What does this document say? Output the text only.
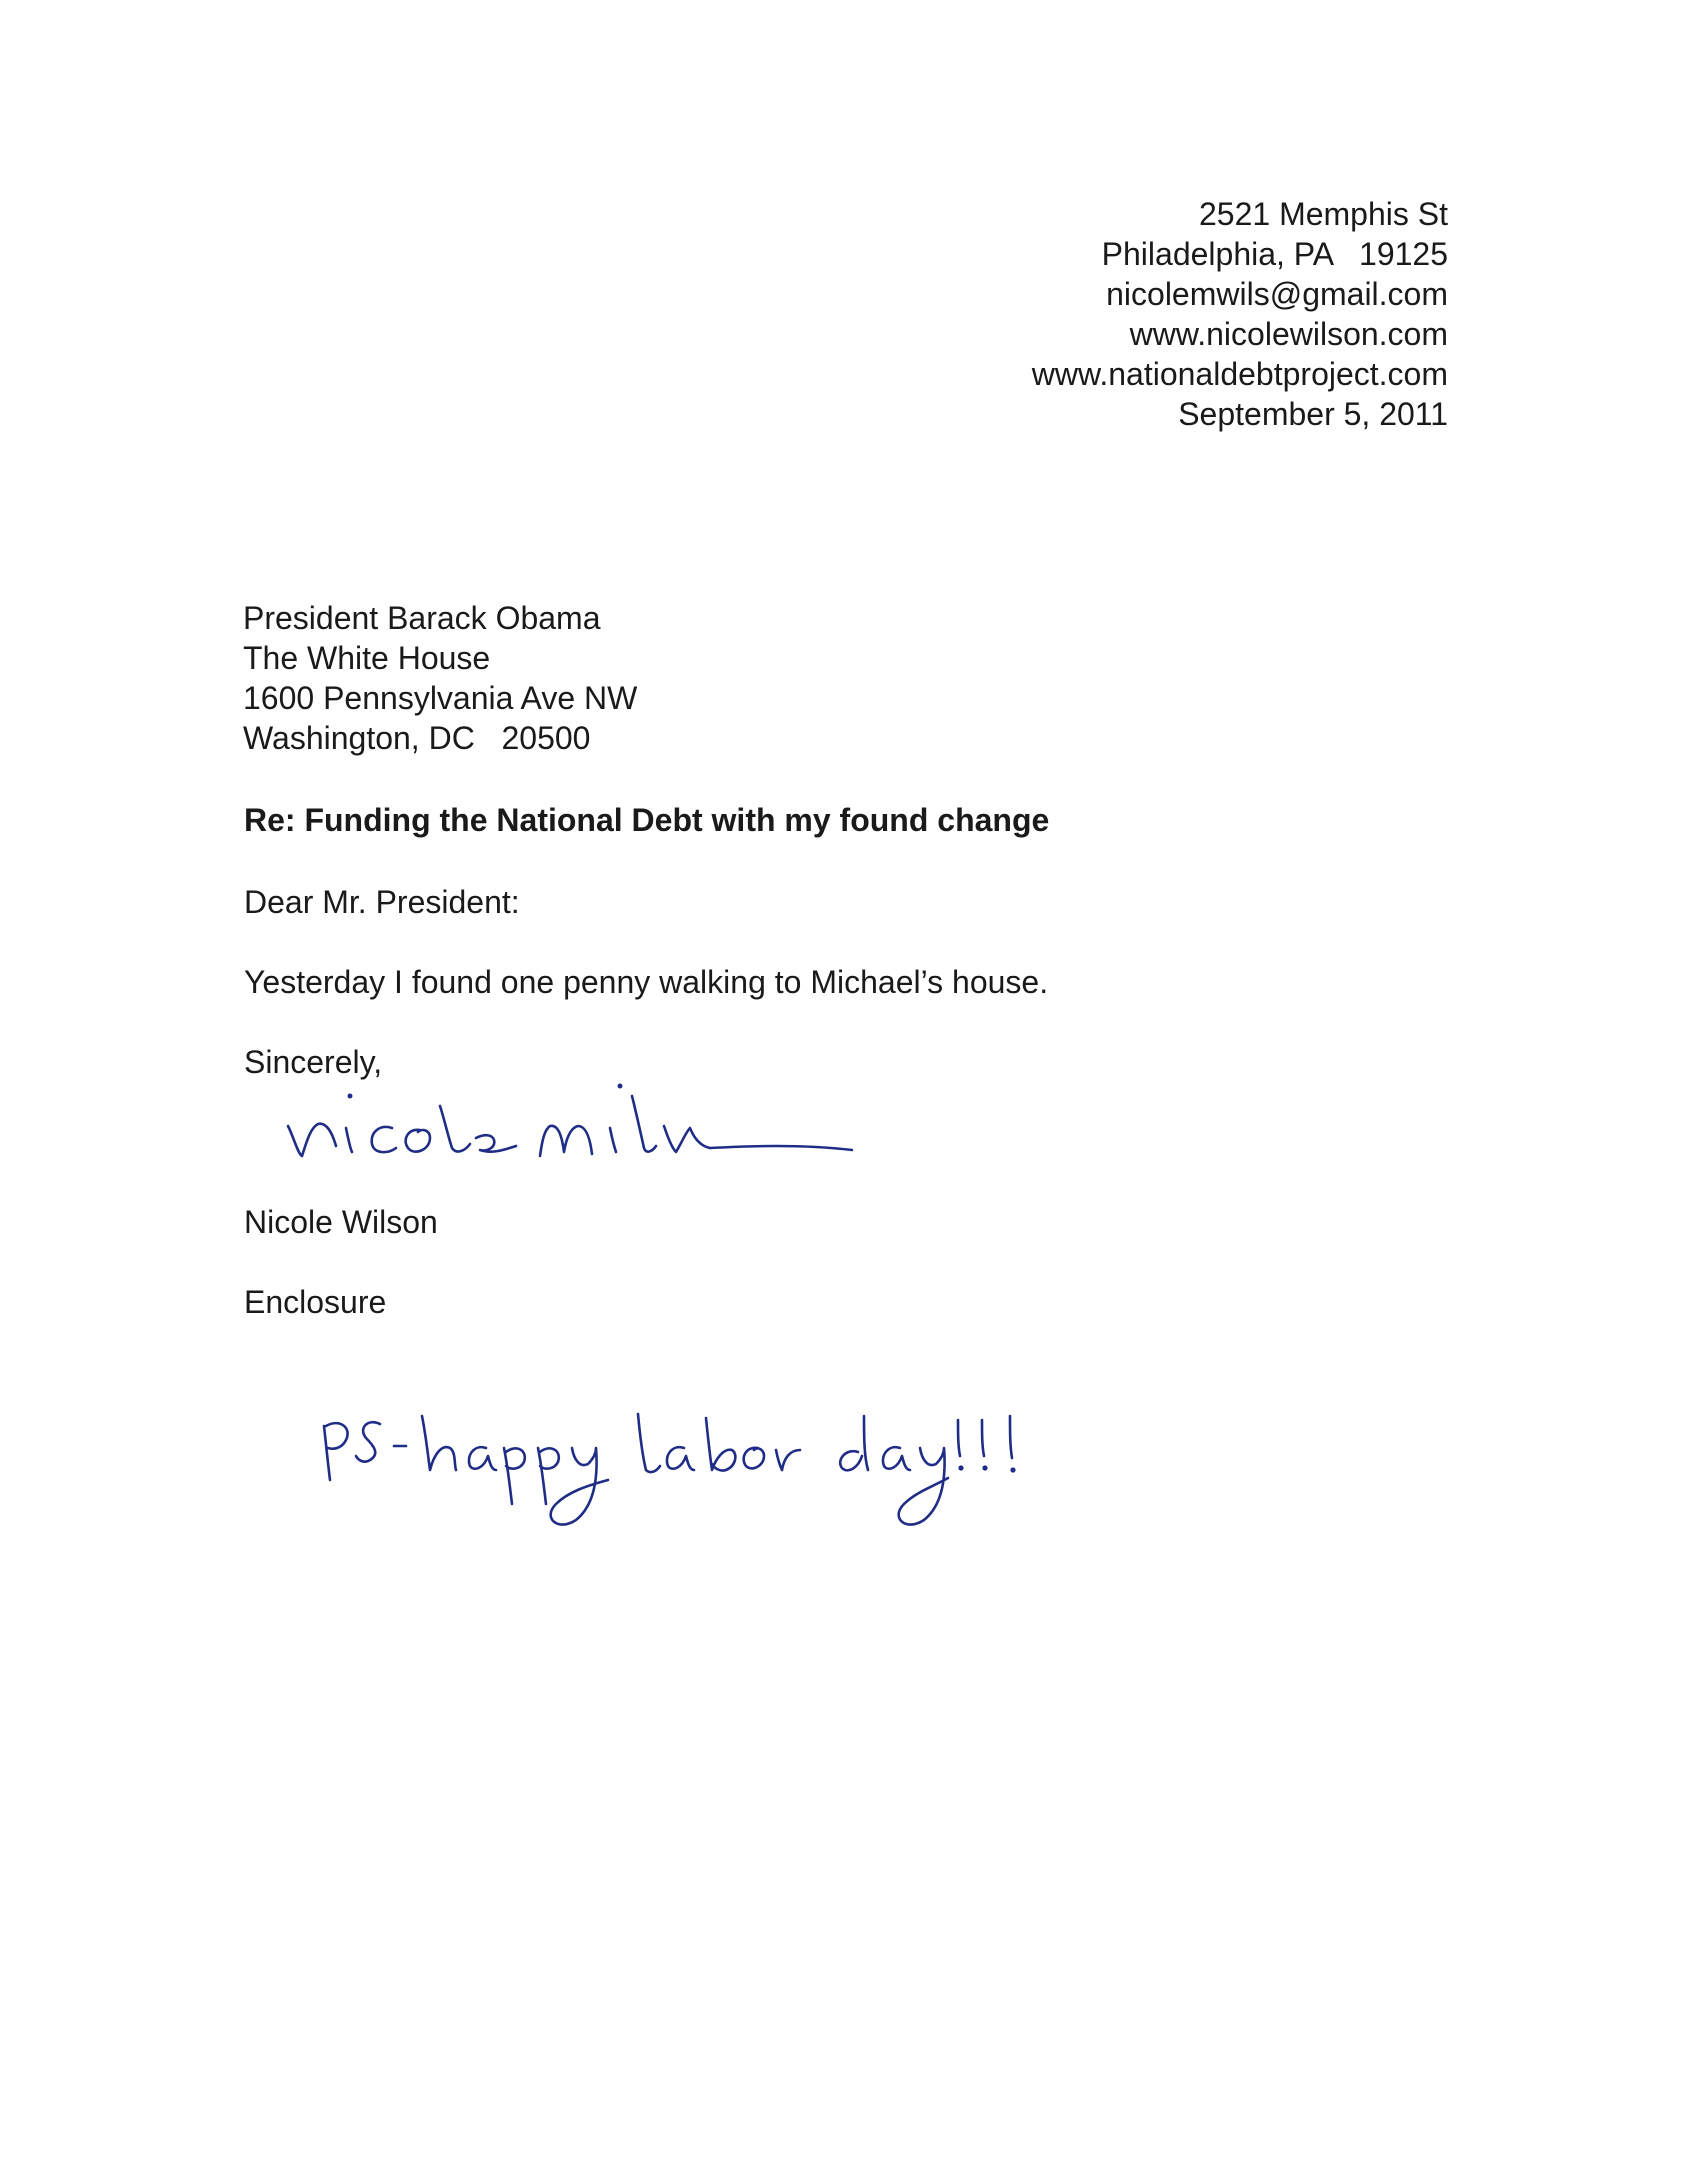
2521 Memphis St
Philadelphia, PA   19125
nicolemwils@gmail.com
www.nicolewilson.com
www.nationaldebtproject.com
September 5, 2011
President Barack Obama
The White House
1600 Pennsylvania Ave NW
Washington, DC   20500
Re: Funding the National Debt with my found change
Dear Mr. President:
Yesterday I found one penny walking to Michael’s house.
Sincerely,
Nicole Wilson
Enclosure
